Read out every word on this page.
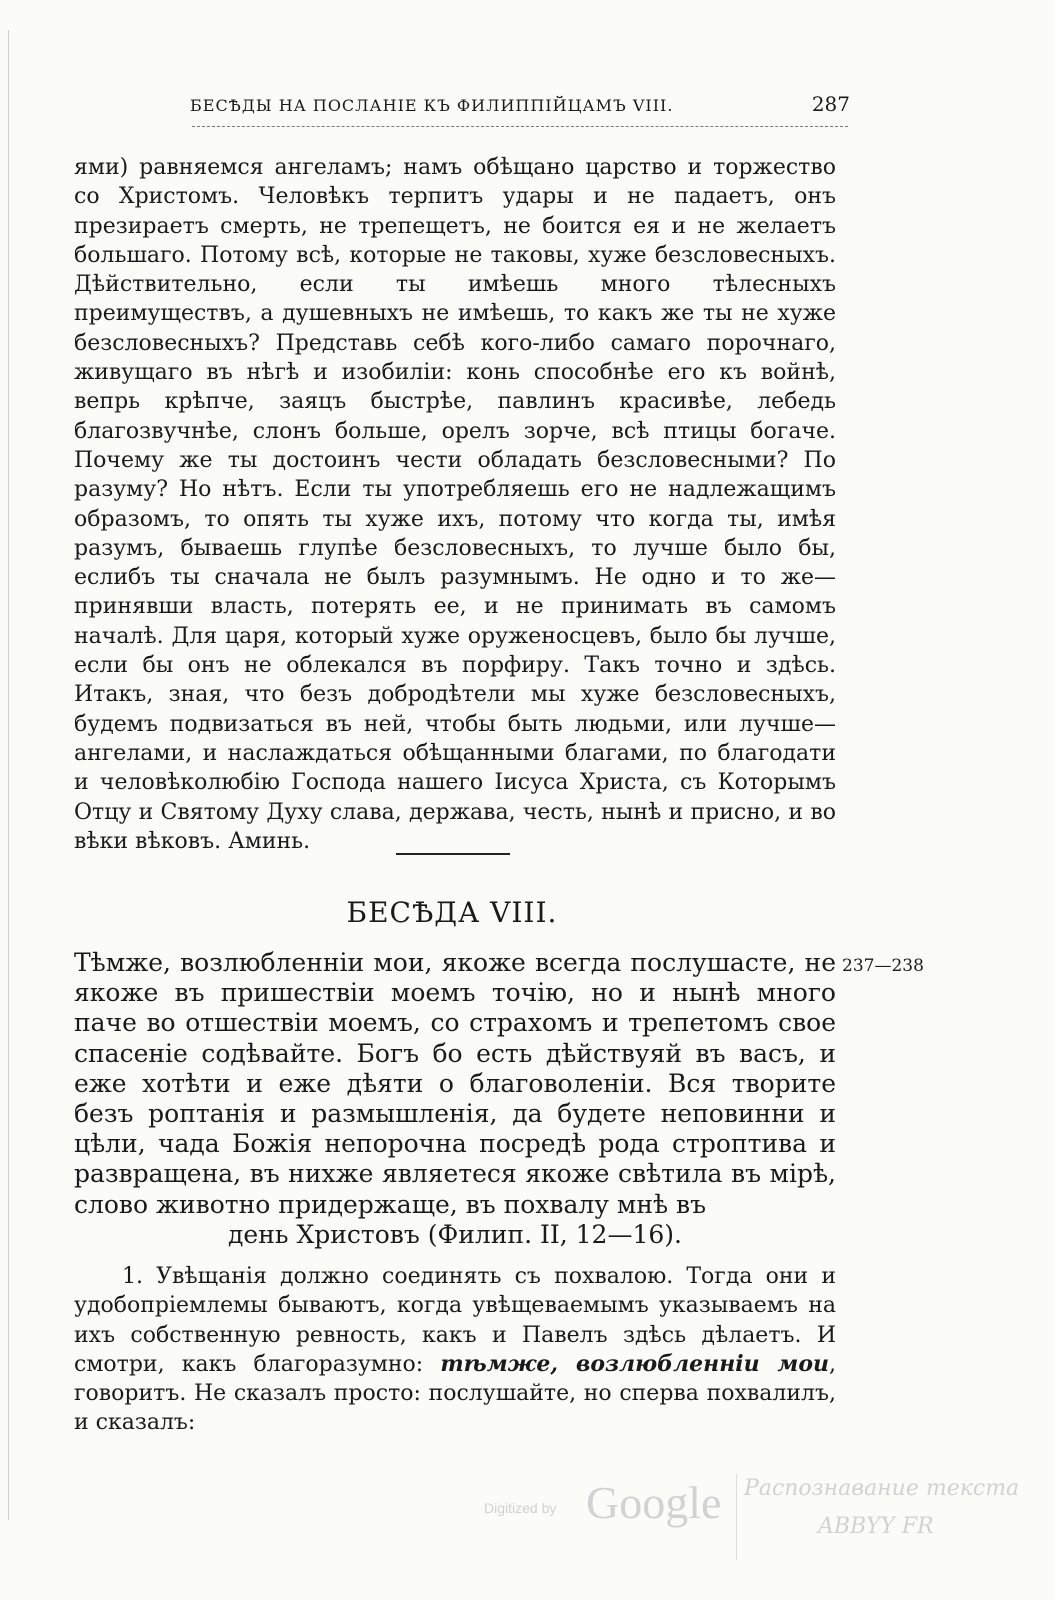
БЕСѢДЫ НА ПОСЛАНІЕ КЪ ФИЛИППІЙЦАМЪ VIII.	287

ями) равняемся ангеламъ; намъ обѣщано царство и торжество со Христомъ. Человѣкъ терпитъ удары и не падаетъ, онъ презираетъ смерть, не трепещетъ, не боится ея и не желаетъ большаго. Потому всѣ, которые не таковы, хуже безсловесныхъ. Дѣйствительно, если ты имѣешь много тѣлесныхъ преимуществъ, а душевныхъ не имѣешь, то какъ же ты не хуже безсловесныхъ? Представь себѣ кого-либо самаго порочнаго, живущаго въ нѣгѣ и изобиліи: конь способнѣе его къ войнѣ, вепрь крѣпче, заяцъ быстрѣе, павлинъ красивѣе, лебедь благозвучнѣе, слонъ больше, орелъ зорче, всѣ птицы богаче. Почему же ты достоинъ чести обладать безсловесными? По разуму? Но нѣтъ. Если ты употребляешь его не надлежащимъ образомъ, то опять ты хуже ихъ, потому что когда ты, имѣя разумъ, бываешь глупѣе безсловесныхъ, то лучше было бы, еслибъ ты сначала не былъ разумнымъ. Не одно и то же—принявши власть, потерять ее, и не принимать въ самомъ началѣ. Для царя, который хуже оруженосцевъ, было бы лучше, если бы онъ не облекался въ порфиру. Такъ точно и здѣсь. Итакъ, зная, что безъ добродѣтели мы хуже безсловесныхъ, будемъ подвизаться въ ней, чтобы быть людьми, или лучше—ангелами, и наслаждаться обѣщанными благами, по благодати и человѣколюбію Господа нашего Іисуса Христа, съ Которымъ Отцу и Святому Духу слава, держава, честь, нынѣ и присно, и во вѣки вѣковъ. Аминь.

БЕСѢДА VIII.

Тѣмже, возлюбленніи мои, якоже всегда послушасте, не якоже въ пришествіи моемъ точію, но и нынѣ много паче во отшествіи моемъ, со страхомъ и трепетомъ свое спасеніе содѣвайте. Богъ бо есть дѣйствуяй въ васъ, и еже хотѣти и еже дѣяти о благоволеніи. Вся творите безъ роптанія и размышленія, да будете неповинни и цѣли, чада Божія непорочна посредѣ рода строптива и развращена, въ нихже являетеся якоже свѣтила въ мірѣ, слово животно придержаще, въ похвалу мнѣ въ
день Христовъ (Филип. II, 12—16).

237—238

1. Увѣщанія должно соединять съ похвалою. Тогда они и удобопріемлемы бываютъ, когда увѣщеваемымъ указываемъ на ихъ собственную ревность, какъ и Павелъ здѣсь дѣлаетъ. И смотри, какъ благоразумно: тѣмже, возлюбленніи мои, говоритъ. Не сказалъ просто: послушайте, но сперва похвалилъ, и сказалъ:

Digitized by Google Распознавание текста
ABBYY FR
